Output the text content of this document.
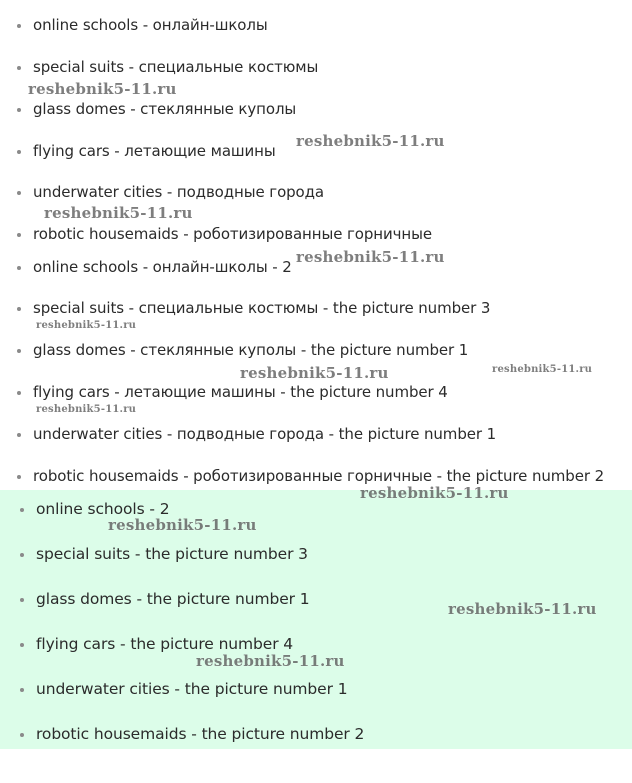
online schools - онлайн-школы
special suits - специальные костюмы
glass domes - стеклянные куполы
flying cars - летающие машины
underwater cities - подводные города
robotic housemaids - роботизированные горничные
online schools - онлайн-школы - 2
special suits - специальные костюмы - the picture number 3
glass domes - стеклянные куполы - the picture number 1
flying cars - летающие машины - the picture number 4
underwater cities - подводные города - the picture number 1
robotic housemaids - роботизированные горничные - the picture number 2
online schools - 2
special suits - the picture number 3
glass domes - the picture number 1
flying cars - the picture number 4
underwater cities - the picture number 1
robotic housemaids - the picture number 2
reshebnik5-11.ru
reshebnik5-11.ru
reshebnik5-11.ru
reshebnik5-11.ru
reshebnik5-11.ru
reshebnik5-11.ru	reshebnik5-11.ru
reshebnik5-11.ru
reshebnik5-11.ru
reshebnik5-11.ru
reshebnik5-11.ru
reshebnik5-11.ru
